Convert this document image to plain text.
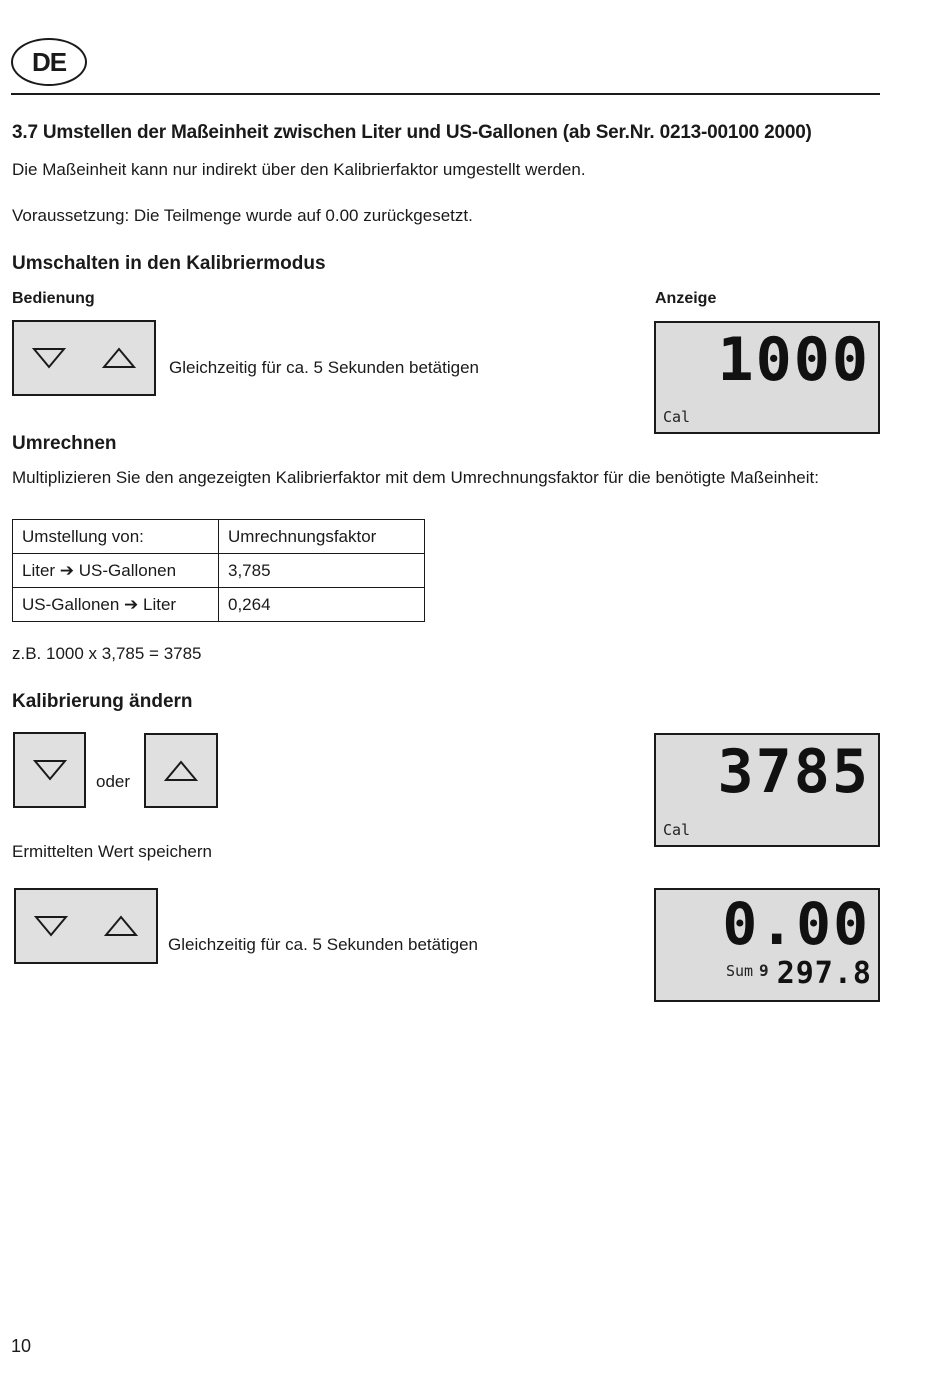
DE
3.7 Umstellen der Maßeinheit zwischen Liter und US-Gallonen (ab Ser.Nr. 0213-00100 2000)
Die Maßeinheit kann nur indirekt über den Kalibrierfaktor umgestellt werden.
Voraussetzung: Die Teilmenge wurde auf 0.00 zurückgesetzt.
Umschalten in den Kalibriermodus
Bedienung	Anzeige
Gleichzeitig für ca. 5 Sekunden betätigen	1000
Cal
Umrechnen
Multiplizieren Sie den angezeigten Kalibrierfaktor mit dem Umrechnungsfaktor für die benötigte Maßeinheit:
Umstellung von:	Umrechnungsfaktor
Liter ➔ US-Gallonen	3,785
US-Gallonen ➔ Liter	0,264
z.B. 1000 x 3,785 = 3785
Kalibrierung ändern
oder	3785
Cal
Ermittelten Wert speichern
Gleichzeitig für ca. 5 Sekunden betätigen	0.00
Sum 9 297.8
10
